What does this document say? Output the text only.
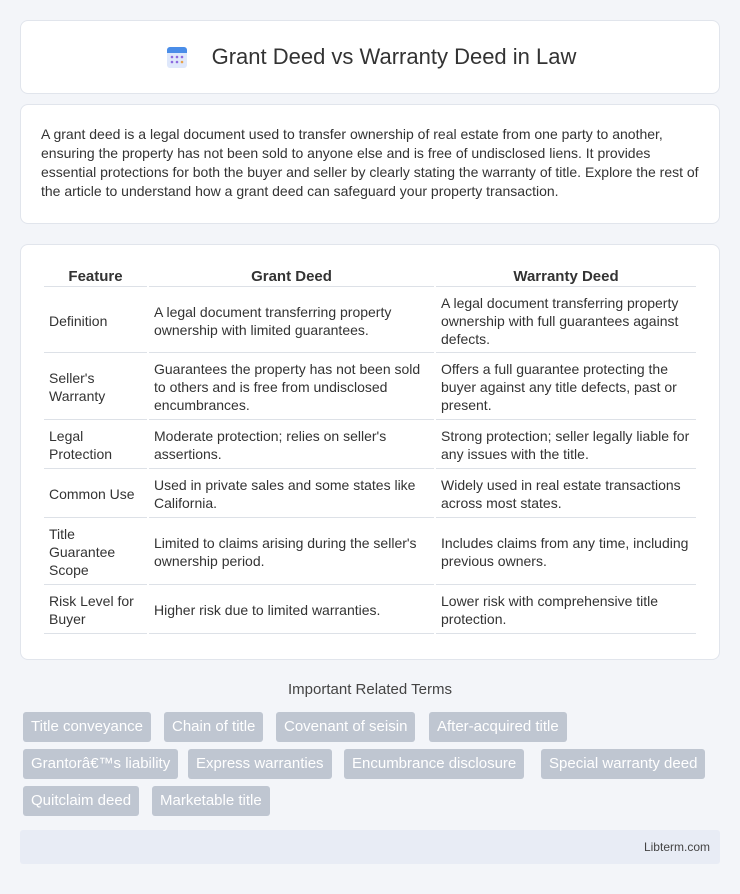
Grant Deed vs Warranty Deed in Law

A grant deed is a legal document used to transfer ownership of real estate from one party to another, ensuring the property has not been sold to anyone else and is free of undisclosed liens. It provides essential protections for both the buyer and seller by clearly stating the warranty of title. Explore the rest of the article to understand how a grant deed can safeguard your property transaction.

Feature	Grant Deed	Warranty Deed
Definition	A legal document transferring property ownership with limited guarantees.	A legal document transferring property ownership with full guarantees against defects.
Seller's Warranty	Guarantees the property has not been sold to others and is free from undisclosed encumbrances.	Offers a full guarantee protecting the buyer against any title defects, past or present.
Legal Protection	Moderate protection; relies on seller's assertions.	Strong protection; seller legally liable for any issues with the title.
Common Use	Used in private sales and some states like California.	Widely used in real estate transactions across most states.
Title Guarantee Scope	Limited to claims arising during the seller's ownership period.	Includes claims from any time, including previous owners.
Risk Level for Buyer	Higher risk due to limited warranties.	Lower risk with comprehensive title protection.
Important Related Terms
Title conveyance	Chain of title	Covenant of seisin	After-acquired title
Grantorâ€™s liability	Express warranties	Encumbrance disclosure	Special warranty deed
Quitclaim deed	Marketable title
Libterm.com
